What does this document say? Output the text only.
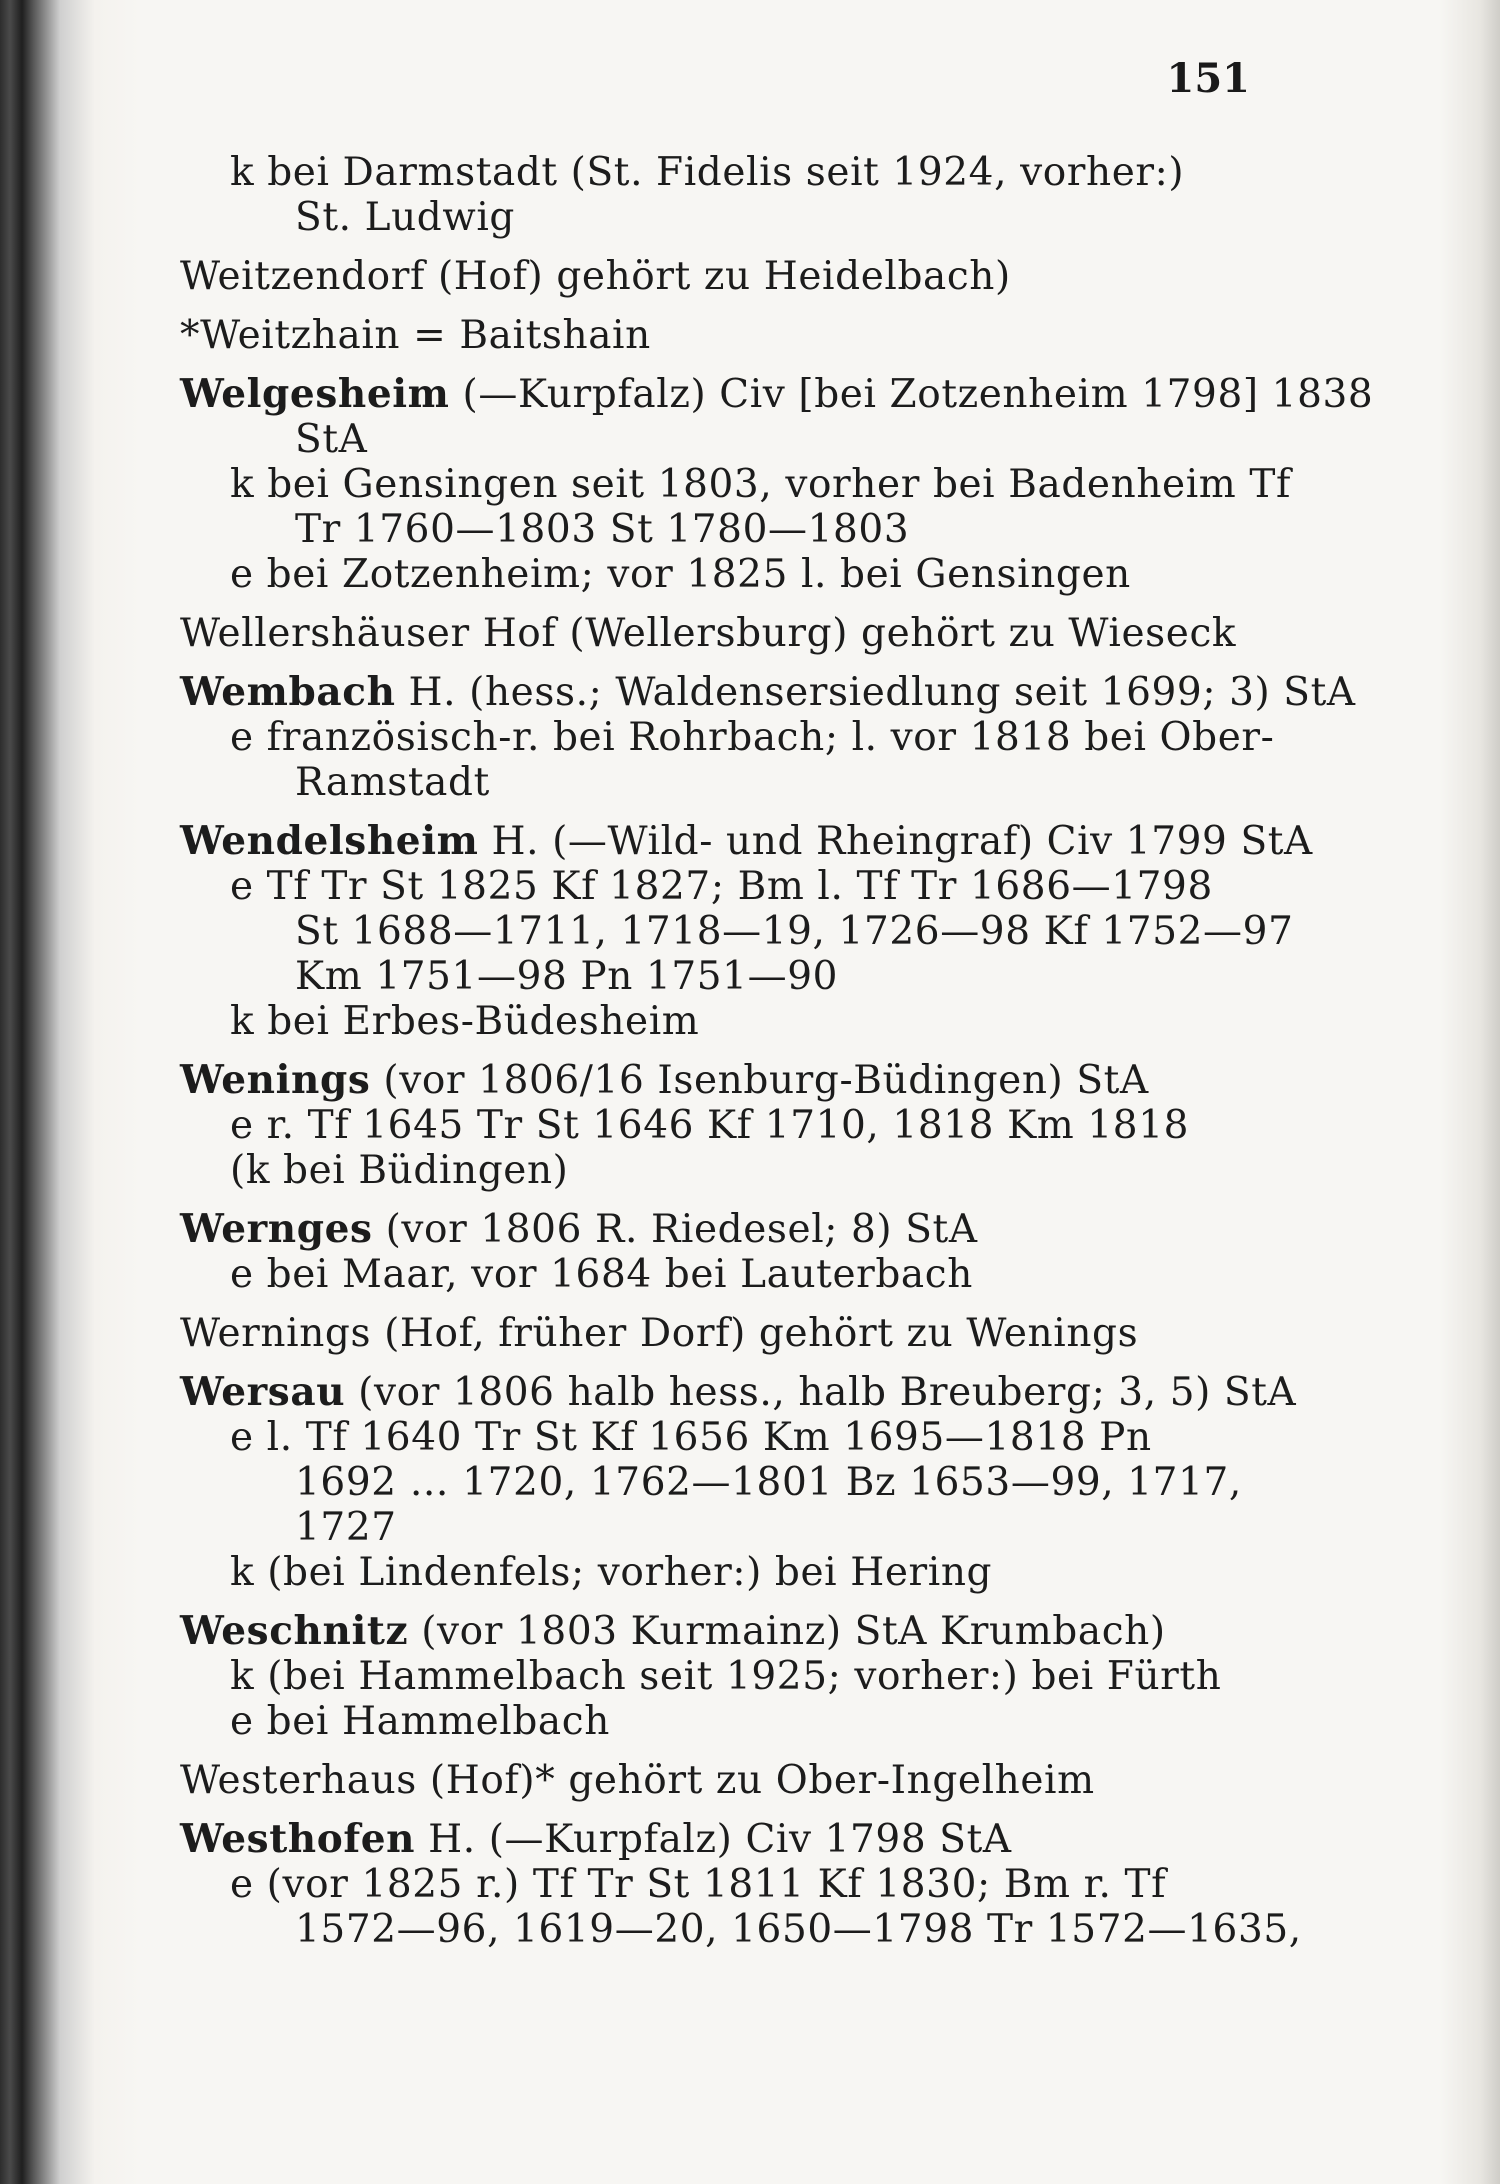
151
k bei Darmstadt (St. Fidelis seit 1924, vorher:)
St. Ludwig
Weitzendorf (Hof) gehört zu Heidelbach)
*Weitzhain = Baitshain
Welgesheim (—Kurpfalz) Civ [bei Zotzenheim 1798] 1838
StA
k bei Gensingen seit 1803, vorher bei Badenheim Tf
Tr 1760—1803 St 1780—1803
e bei Zotzenheim; vor 1825 l. bei Gensingen
Wellershäuser Hof (Wellersburg) gehört zu Wieseck
Wembach H. (hess.; Waldensersiedlung seit 1699; 3) StA
e französisch-r. bei Rohrbach; l. vor 1818 bei Ober-
Ramstadt
Wendelsheim H. (—Wild- und Rheingraf) Civ 1799 StA
e Tf Tr St 1825 Kf 1827; Bm l. Tf Tr 1686—1798
St 1688—1711, 1718—19, 1726—98 Kf 1752—97
Km 1751—98 Pn 1751—90
k bei Erbes-Büdesheim
Wenings (vor 1806/16 Isenburg-Büdingen) StA
e r. Tf 1645 Tr St 1646 Kf 1710, 1818 Km 1818
(k bei Büdingen)
Wernges (vor 1806 R. Riedesel; 8) StA
e bei Maar, vor 1684 bei Lauterbach
Wernings (Hof, früher Dorf) gehört zu Wenings
Wersau (vor 1806 halb hess., halb Breuberg; 3, 5) StA
e l. Tf 1640 Tr St Kf 1656 Km 1695—1818 Pn
1692 … 1720, 1762—1801 Bz 1653—99, 1717,
1727
k (bei Lindenfels; vorher:) bei Hering
Weschnitz (vor 1803 Kurmainz) StA Krumbach)
k (bei Hammelbach seit 1925; vorher:) bei Fürth
e bei Hammelbach
Westerhaus (Hof)* gehört zu Ober-Ingelheim
Westhofen H. (—Kurpfalz) Civ 1798 StA
e (vor 1825 r.) Tf Tr St 1811 Kf 1830; Bm r. Tf
1572—96, 1619—20, 1650—1798 Tr 1572—1635,
